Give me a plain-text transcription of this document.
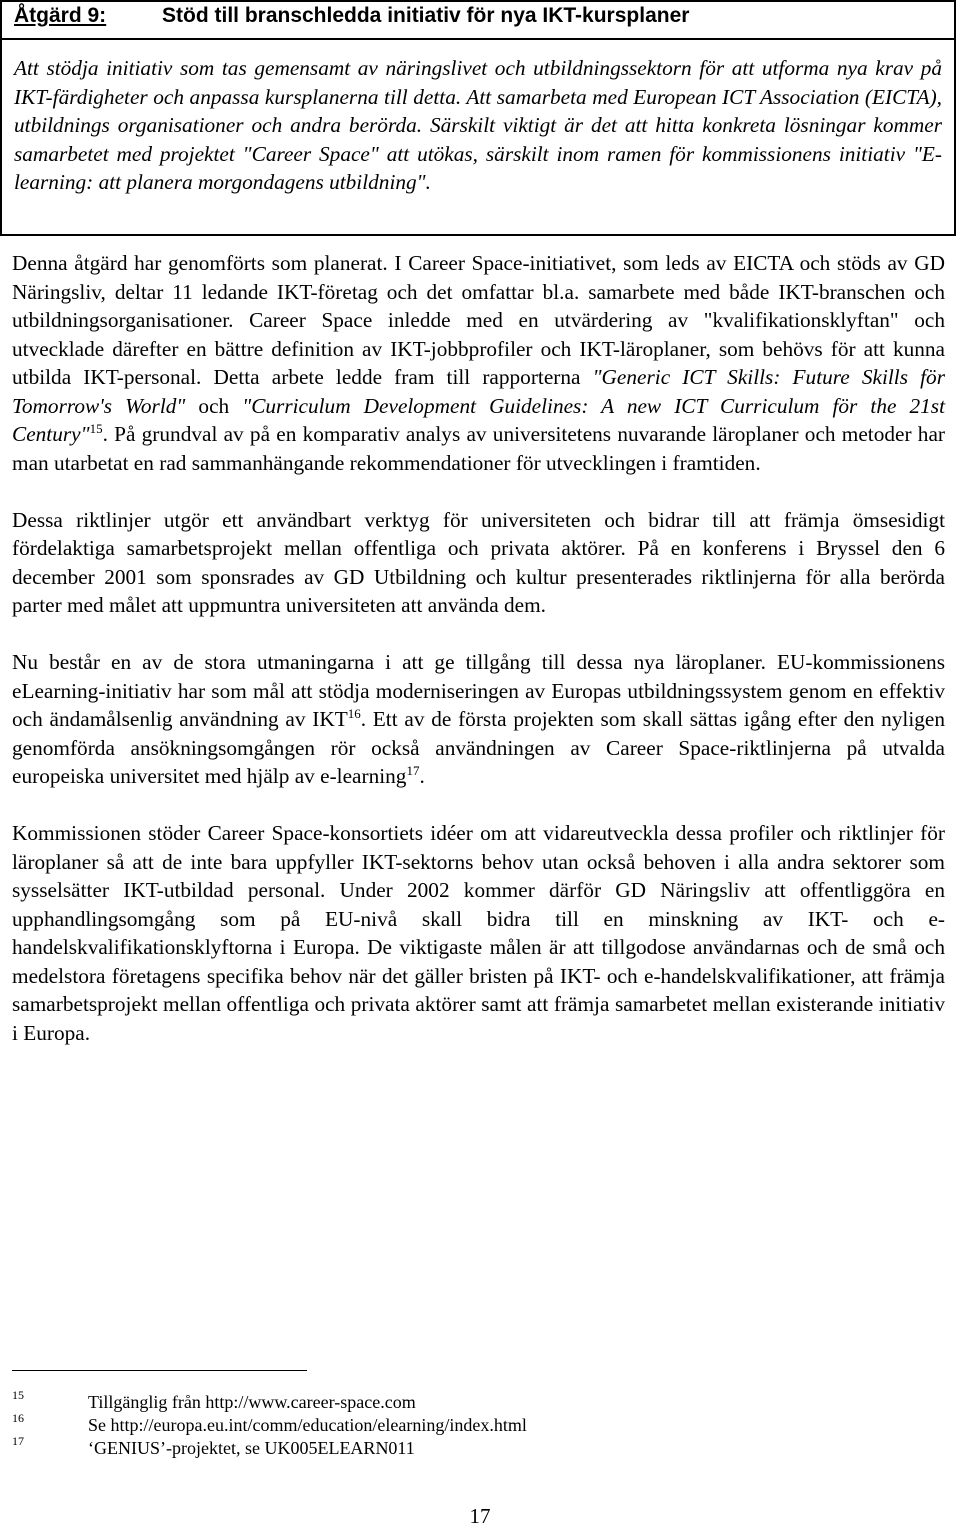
Åtgärd 9:	Stöd till branschledda initiativ för nya IKT-kursplaner

Att stödja initiativ som tas gemensamt av näringslivet och utbildningssektorn för att utforma nya krav på IKT-färdigheter och anpassa kursplanerna till detta. Att samarbeta med European ICT Association (EICTA), utbildnings organisationer och andra berörda. Särskilt viktigt är det att hitta konkreta lösningar kommer samarbetet med projektet "Career Space" att utökas, särskilt inom ramen för kommissionens initiativ "E-learning: att planera morgondagens utbildning".

Denna åtgärd har genomförts som planerat. I Career Space-initiativet, som leds av EICTA och stöds av GD Näringsliv, deltar 11 ledande IKT-företag och det omfattar bl.a. samarbete med både IKT-branschen och utbildningsorganisationer. Career Space inledde med en utvärdering av "kvalifikationsklyftan" och utvecklade därefter en bättre definition av IKT-jobbprofiler och IKT-läroplaner, som behövs för att kunna utbilda IKT-personal. Detta arbete ledde fram till rapporterna "Generic ICT Skills: Future Skills för Tomorrow's World" och "Curriculum Development Guidelines: A new ICT Curriculum för the 21st Century"$^{15}$. På grundval av på en komparativ analys av universitetens nuvarande läroplaner och metoder har man utarbetat en rad sammanhängande rekommendationer för utvecklingen i framtiden.

Dessa riktlinjer utgör ett användbart verktyg för universiteten och bidrar till att främja ömsesidigt fördelaktiga samarbetsprojekt mellan offentliga och privata aktörer. På en konferens i Bryssel den 6 december 2001 som sponsrades av GD Utbildning och kultur presenterades riktlinjerna för alla berörda parter med målet att uppmuntra universiteten att använda dem.

Nu består en av de stora utmaningarna i att ge tillgång till dessa nya läroplaner. EU-kommissionens eLearning-initiativ har som mål att stödja moderniseringen av Europas utbildningssystem genom en effektiv och ändamålsenlig användning av IKT$^{16}$. Ett av de första projekten som skall sättas igång efter den nyligen genomförda ansökningsomgången rör också användningen av Career Space-riktlinjerna på utvalda europeiska universitet med hjälp av e-learning$^{17}$.

Kommissionen stöder Career Space-konsortiets idéer om att vidareutveckla dessa profiler och riktlinjer för läroplaner så att de inte bara uppfyller IKT-sektorns behov utan också behoven i alla andra sektorer som sysselsätter IKT-utbildad personal. Under 2002 kommer därför GD Näringsliv att offentliggöra en upphandlingsomgång som på EU-nivå skall bidra till en minskning av IKT- och e-handelskvalifikationsklyftorna i Europa. De viktigaste målen är att tillgodose användarnas och de små och medelstora företagens specifika behov när det gäller bristen på IKT- och e-handelskvalifikationer, att främja samarbetsprojekt mellan offentliga och privata aktörer samt att främja samarbetet mellan existerande initiativ i Europa.

15	Tillgänglig från http://www.career-space.com
16	Se http://europa.eu.int/comm/education/elearning/index.html
17	‘GENIUS’-projektet, se UK005ELEARN011
17
